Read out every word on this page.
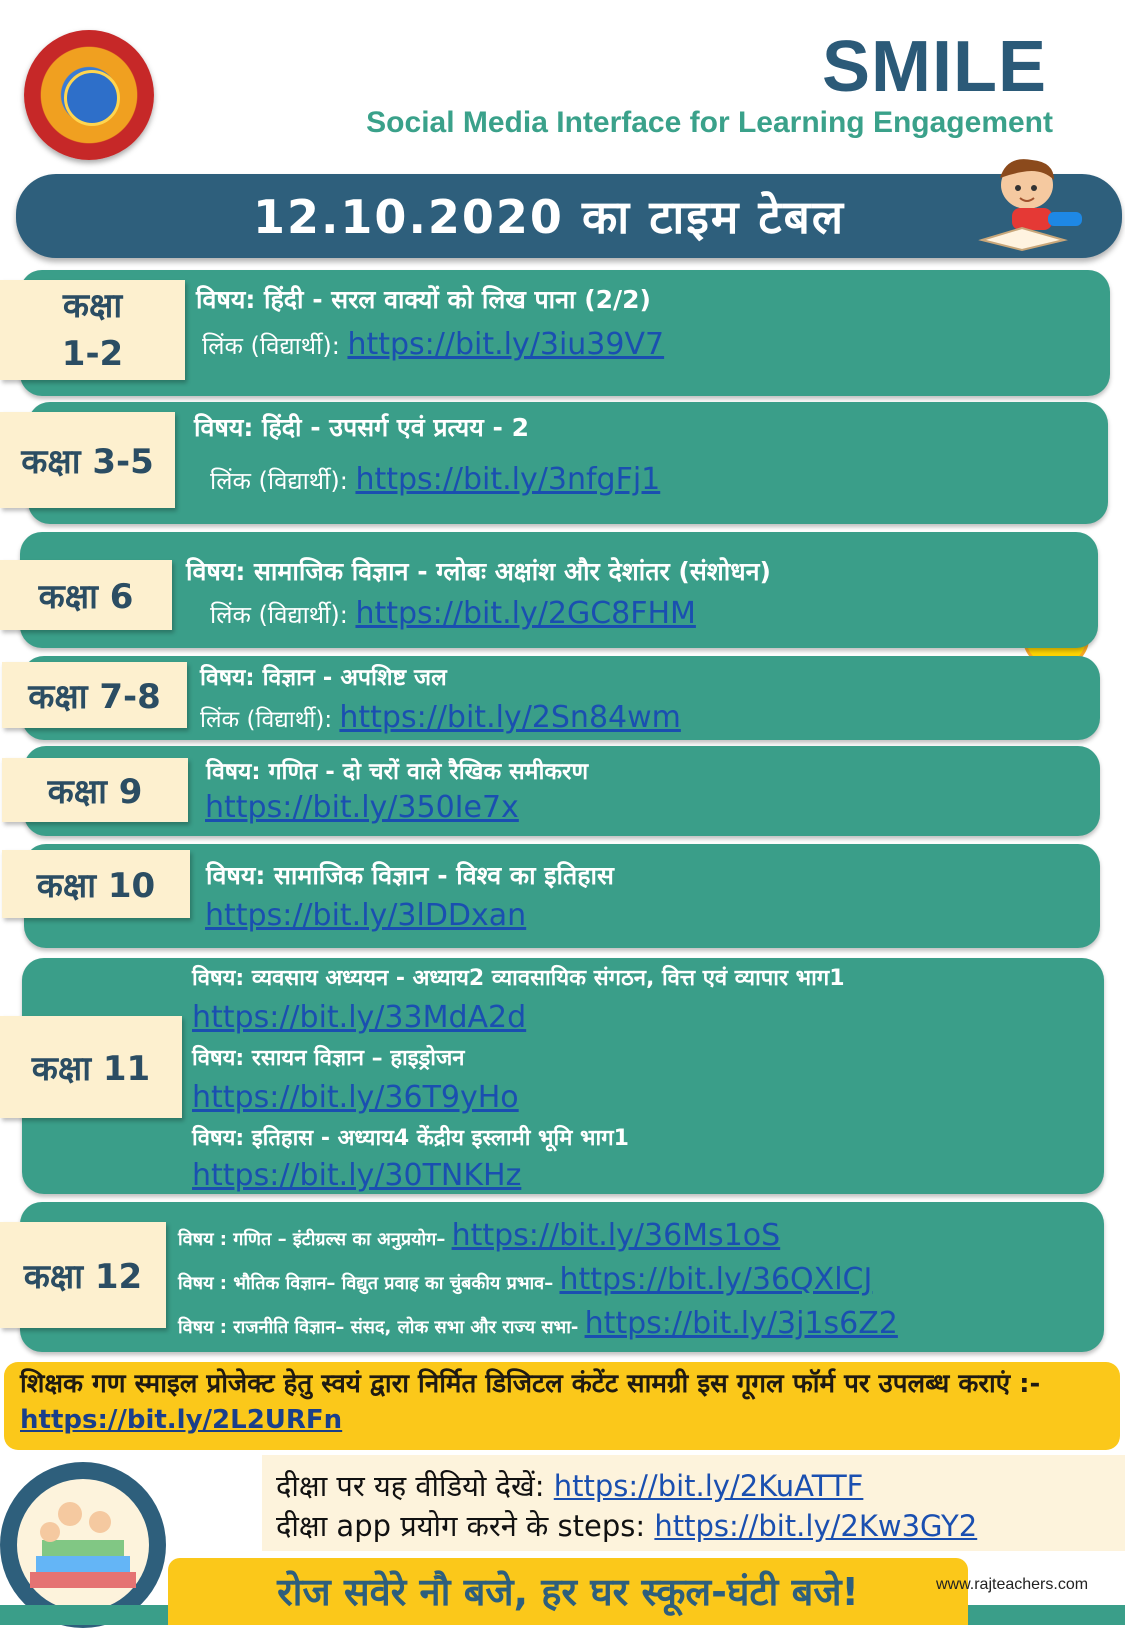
SMILE
Social Media Interface for Learning Engagement
12.10.2020 का टाइम टेबल
कक्षा
1-2
विषय: हिंदी - सरल वाक्यों को लिख पाना (2/2)
लिंक (विद्यार्थी): https://bit.ly/3iu39V7
कक्षा 3-5
विषय: हिंदी - उपसर्ग एवं प्रत्यय - 2
लिंक (विद्यार्थी): https://bit.ly/3nfgFj1
कक्षा 6
विषय: सामाजिक विज्ञान - ग्लोबः अक्षांश और देशांतर (संशोधन)
लिंक (विद्यार्थी): https://bit.ly/2GC8FHM
कक्षा 7-8	विषय: विज्ञान - अपशिष्ट जल
लिंक (विद्यार्थी): https://bit.ly/2Sn84wm
कक्षा 9	विषय: गणित - दो चरों वाले रैखिक समीकरण
https://bit.ly/350Ie7x
कक्षा 10	विषय: सामाजिक विज्ञान - विश्व का इतिहास
https://bit.ly/3lDDxan
कक्षा 11
विषय: व्यवसाय अध्ययन - अध्याय2 व्यावसायिक संगठन, वित्त एवं व्यापार भाग1
https://bit.ly/33MdA2d
विषय: रसायन विज्ञान – हाइड्रोजन
https://bit.ly/36T9yHo
विषय: इतिहास - अध्याय4 केंद्रीय इस्लामी भूमि भाग1
https://bit.ly/30TNKHz
कक्षा 12
विषय : गणित – इंटीग्रल्स का अनुप्रयोग– https://bit.ly/36Ms1oS
विषय : भौतिक विज्ञान– विद्युत प्रवाह का चुंबकीय प्रभाव– https://bit.ly/36QXlCJ
विषय : राजनीति विज्ञान– संसद, लोक सभा और राज्य सभा- https://bit.ly/3j1s6Z2
शिक्षक गण स्माइल प्रोजेक्ट हेतु स्वयं द्वारा निर्मित डिजिटल कंटेंट सामग्री इस गूगल फॉर्म पर उपलब्ध कराएं :- https://bit.ly/2L2URFn
दीक्षा पर यह वीडियो देखें: https://bit.ly/2KuATTF
दीक्षा app प्रयोग करने के steps: https://bit.ly/2Kw3GY2
रोज सवेरे नौ बजे, हर घर स्कूल-घंटी बजे!	www.rajteachers.com
